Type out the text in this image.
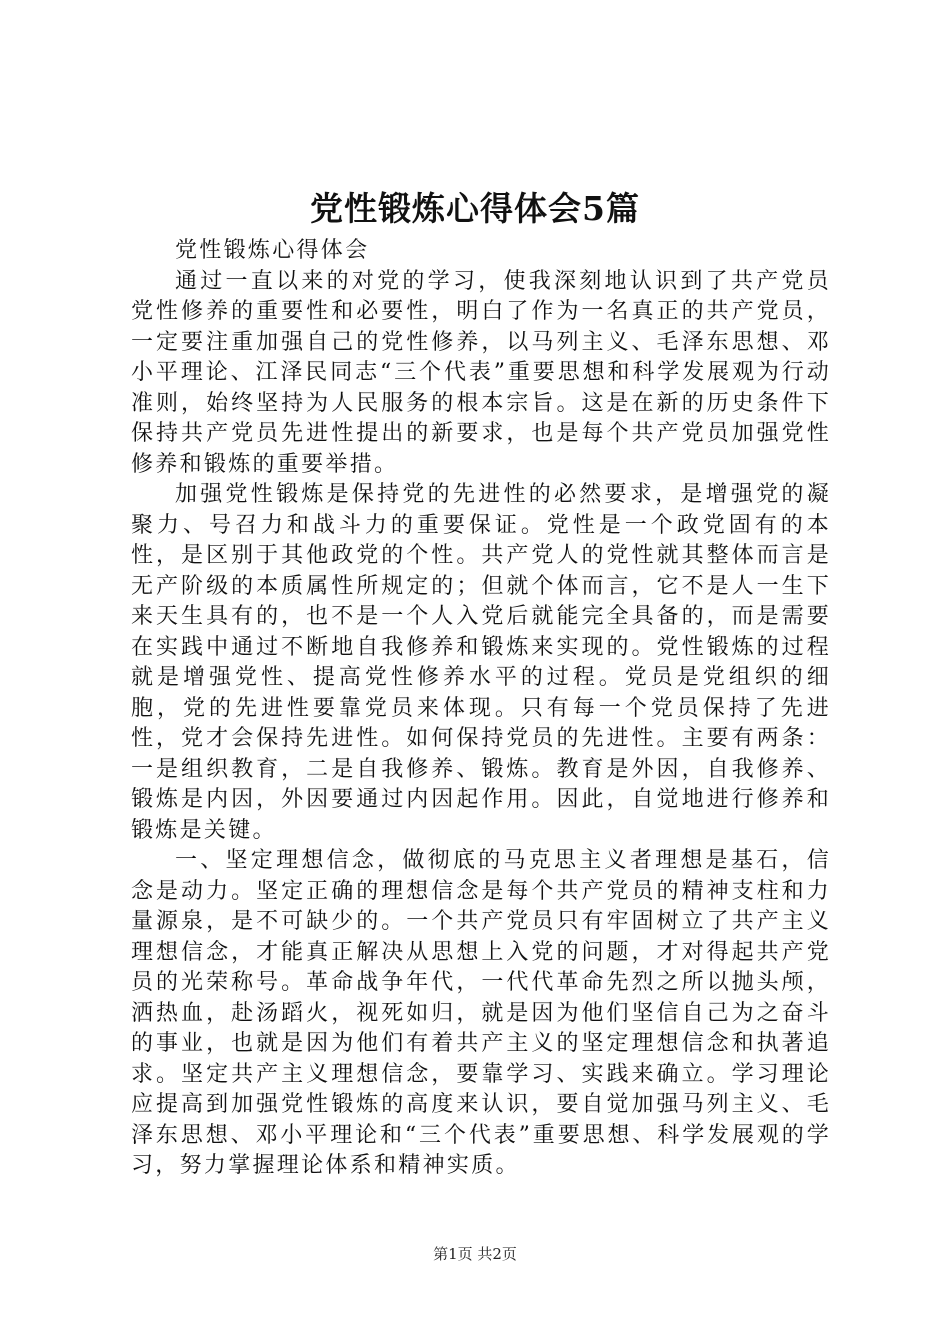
党性锻炼心得体会5篇

党性锻炼心得体会

通过一直以来的对党的学习，使我深刻地认识到了共产党员党性修养的重要性和必要性，明白了作为一名真正的共产党员，一定要注重加强自己的党性修养，以马列主义、毛泽东思想、邓小平理论、江泽民同志“三个代表”重要思想和科学发展观为行动准则，始终坚持为人民服务的根本宗旨。这是在新的历史条件下保持共产党员先进性提出的新要求，也是每个共产党员加强党性修养和锻炼的重要举措。

加强党性锻炼是保持党的先进性的必然要求，是增强党的凝聚力、号召力和战斗力的重要保证。党性是一个政党固有的本性，是区别于其他政党的个性。共产党人的党性就其整体而言是无产阶级的本质属性所规定的；但就个体而言，它不是人一生下来天生具有的，也不是一个人入党后就能完全具备的，而是需要在实践中通过不断地自我修养和锻炼来实现的。党性锻炼的过程就是增强党性、提高党性修养水平的过程。党员是党组织的细胞，党的先进性要靠党员来体现。只有每一个党员保持了先进性，党才会保持先进性。如何保持党员的先进性。主要有两条：一是组织教育，二是自我修养、锻炼。教育是外因，自我修养、锻炼是内因，外因要通过内因起作用。因此，自觉地进行修养和锻炼是关键。

一、坚定理想信念，做彻底的马克思主义者理想是基石，信念是动力。坚定正确的理想信念是每个共产党员的精神支柱和力量源泉，是不可缺少的。一个共产党员只有牢固树立了共产主义理想信念，才能真正解决从思想上入党的问题，才对得起共产党员的光荣称号。革命战争年代，一代代革命先烈之所以抛头颅，洒热血，赴汤蹈火，视死如归，就是因为他们坚信自己为之奋斗的事业，也就是因为他们有着共产主义的坚定理想信念和执著追求。坚定共产主义理想信念，要靠学习、实践来确立。学习理论应提高到加强党性锻炼的高度来认识，要自觉加强马列主义、毛泽东思想、邓小平理论和“三个代表”重要思想、科学发展观的学习，努力掌握理论体系和精神实质。

第1页 共2页
